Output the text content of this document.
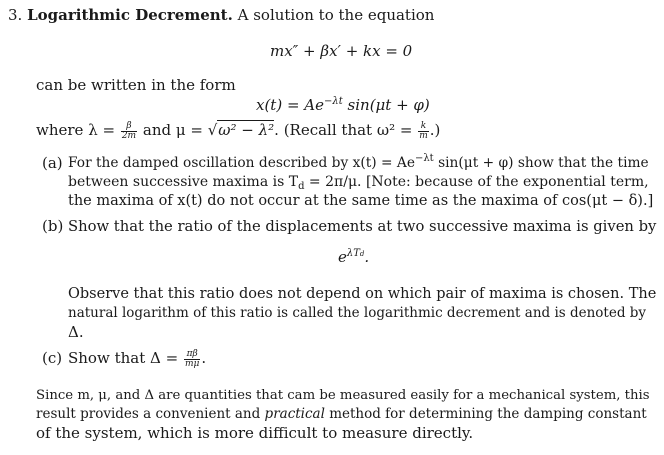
3. Logarithmic Decrement. A solution to the equation
mx″ + βx′ + kx = 0
can be written in the form
$x(t) = Ae^{-\lambda t}$ sin(μt + φ)
where $\lambda = \frac{\beta}{2m}$ and μ = √ω² − λ². (Recall that $\omega^2 = \frac{k}{m}$ .)
(a) For the damped oscillation described by $x(t) = Ae^{-\lambda t}$ sin(μt + φ) show that the time
between successive maxima is $T_d = 2\pi/\mu$. [Note: because of the exponential term,
the maxima of x(t) do not occur at the same time as the maxima of cos(μt − δ).]
(b) Show that the ratio of the displacements at two successive maxima is given by
$e^{\lambda Td}$.
Observe that this ratio does not depend on which pair of maxima is chosen. The
natural logarithm of this ratio is called the logarithmic decrement and is denoted by
Δ.
(c) Show that $\Delta = \frac{\pi\beta}{m\mu}$ .
Since m, μ, and Δ are quantities that cam be measured easily for a mechanical system, this
result provides a convenient and practical method for determining the damping constant
of the system, which is more difficult to measure directly.
